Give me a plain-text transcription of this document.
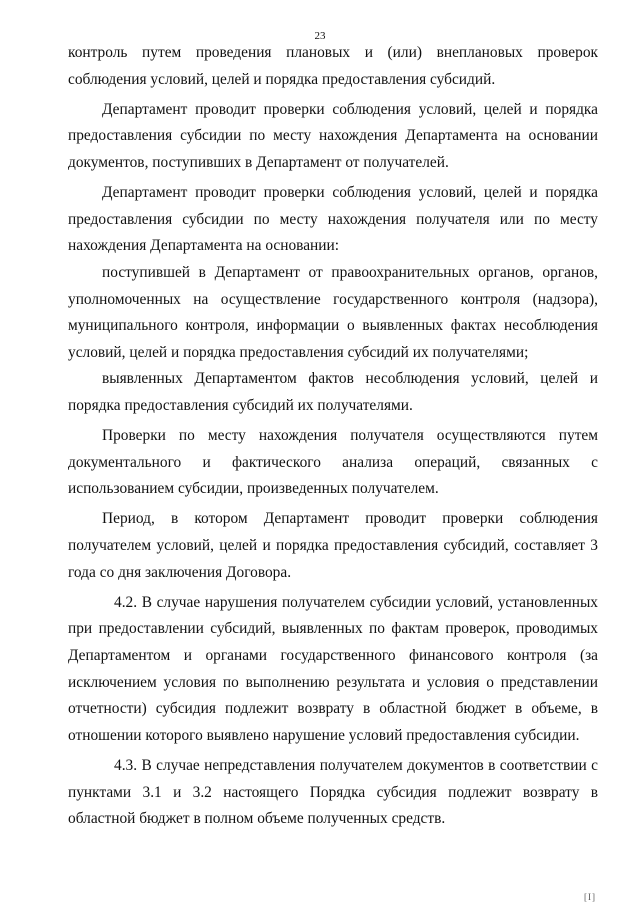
23

контроль путем проведения плановых и (или) внеплановых проверок соблюдения условий, целей и порядка предоставления субсидий.

Департамент проводит проверки соблюдения условий, целей и порядка предоставления субсидии по месту нахождения Департамента на основании документов, поступивших в Департамент от получателей.

Департамент проводит проверки соблюдения условий, целей и порядка предоставления субсидии по месту нахождения получателя или по месту нахождения Департамента на основании:

поступившей в Департамент от правоохранительных органов, органов, уполномоченных на осуществление государственного контроля (надзора), муниципального контроля, информации о выявленных фактах несоблюдения условий, целей и порядка предоставления субсидий их получателями;

выявленных Департаментом фактов несоблюдения условий, целей и порядка предоставления субсидий их получателями.

Проверки по месту нахождения получателя осуществляются путем документального и фактического анализа операций, связанных с использованием субсидии, произведенных получателем.

Период, в котором Департамент проводит проверки соблюдения получателем условий, целей и порядка предоставления субсидий, составляет 3 года со дня заключения Договора.

4.2. В случае нарушения получателем субсидии условий, установленных при предоставлении субсидий, выявленных по фактам проверок, проводимых Департаментом и органами государственного финансового контроля (за исключением условия по выполнению результата и условия о представлении отчетности) субсидия подлежит возврату в областной бюджет в объеме, в отношении которого выявлено нарушение условий предоставления субсидии.

4.3. В случае непредставления получателем документов в соответствии с пунктами 3.1 и 3.2 настоящего Порядка субсидия подлежит возврату в областной бюджет в полном объеме полученных средств.

[I]
